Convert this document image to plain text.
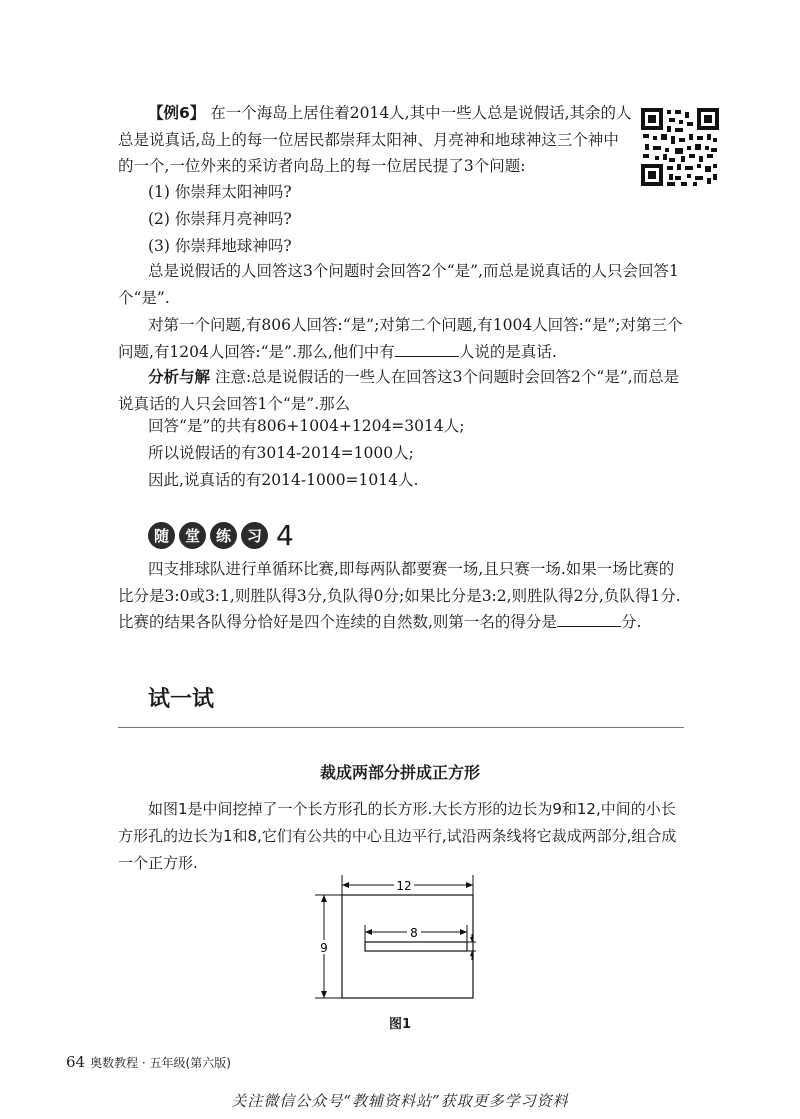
【例6】 在一个海岛上居住着2014人,其中一些人总是说假话,其余的人总是说真话,岛上的每一位居民都崇拜太阳神、月亮神和地球神这三个神中的一个,一位外来的采访者向岛上的每一位居民提了3个问题:
(1) 你崇拜太阳神吗?
(2) 你崇拜月亮神吗?
(3) 你崇拜地球神吗?
总是说假话的人回答这3个问题时会回答2个“是”,而总是说真话的人只会回答1个“是”.
对第一个问题,有806人回答:“是”;对第二个问题,有1004人回答:“是”;对第三个问题,有1204人回答:“是”.那么,他们中有	人说的是真话.
分析与解 注意:总是说假话的一些人在回答这3个问题时会回答2个“是”,而总是说真话的人只会回答1个“是”.那么
回答“是”的共有806+1004+1204=3014人;
所以说假话的有3014-2014=1000人;
因此,说真话的有2014-1000=1014人.
随	堂	练	习 4
四支排球队进行单循环比赛,即每两队都要赛一场,且只赛一场.如果一场比赛的比分是3:0或3:1,则胜队得3分,负队得0分;如果比分是3:2,则胜队得2分,负队得1分.比赛的结果各队得分恰好是四个连续的自然数,则第一名的得分是	分.
试一试
裁成两部分拼成正方形
如图1是中间挖掉了一个长方形孔的长方形.大长方形的边长为9和12,中间的小长方形孔的边长为1和8,它们有公共的中心且边平行,试沿两条线将它裁成两部分,组合成一个正方形.
12
9
8
图1
64 奥数教程 · 五年级(第六版)
关注微信公众号“教辅资料站”获取更多学习资料
